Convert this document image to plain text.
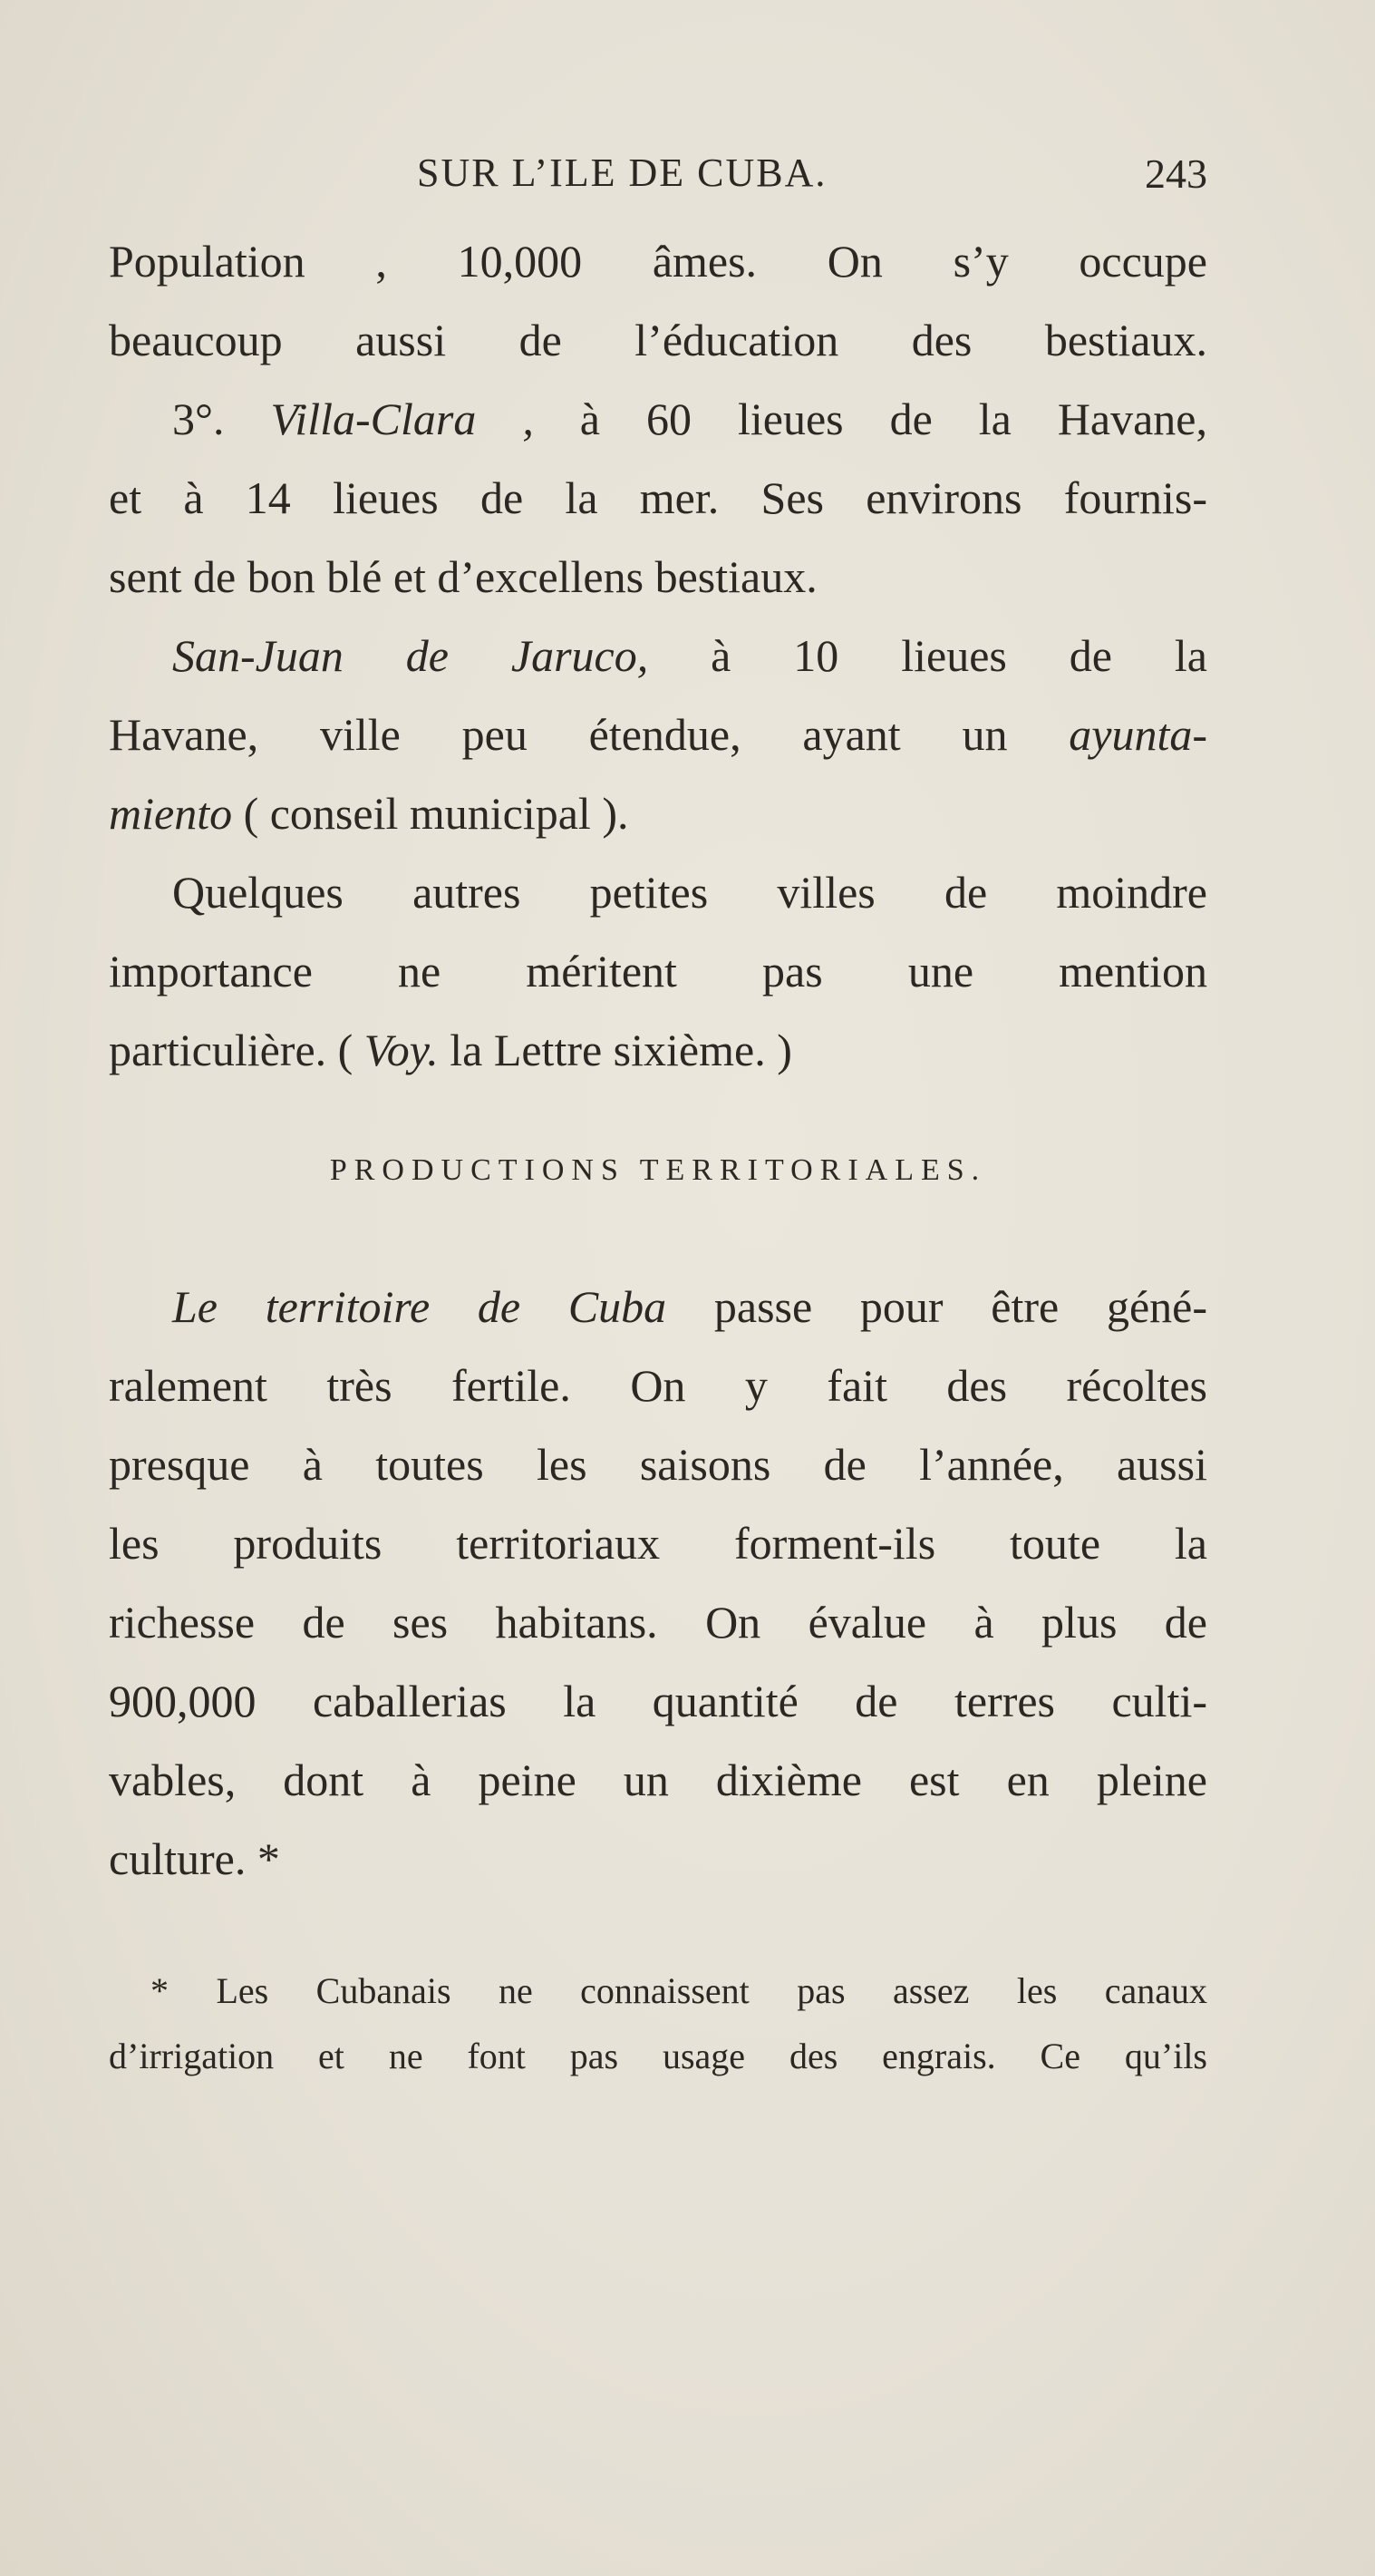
SUR L’ILE DE CUBA.	243
Population , 10,000 âmes. On s’y occupe
beaucoup aussi de l’éducation des bestiaux.
3°. Villa-Clara , à 60 lieues de la Havane,
et à 14 lieues de la mer. Ses environs fournis-
sent de bon blé et d’excellens bestiaux.
San-Juan de Jaruco, à 10 lieues de la
Havane, ville peu étendue, ayant un ayunta-
miento ( conseil municipal ).
Quelques autres petites villes de moindre
importance ne méritent pas une mention
particulière. ( Voy. la Lettre sixième. )
PRODUCTIONS TERRITORIALES.
Le territoire de Cuba passe pour être géné-
ralement très fertile. On y fait des récoltes
presque à toutes les saisons de l’année, aussi
les produits territoriaux forment-ils toute la
richesse de ses habitans. On évalue à plus de
900,000 caballerias la quantité de terres culti-
vables, dont à peine un dixième est en pleine
culture. *
* Les Cubanais ne connaissent pas assez les canaux
d’irrigation et ne font pas usage des engrais. Ce qu’ils
